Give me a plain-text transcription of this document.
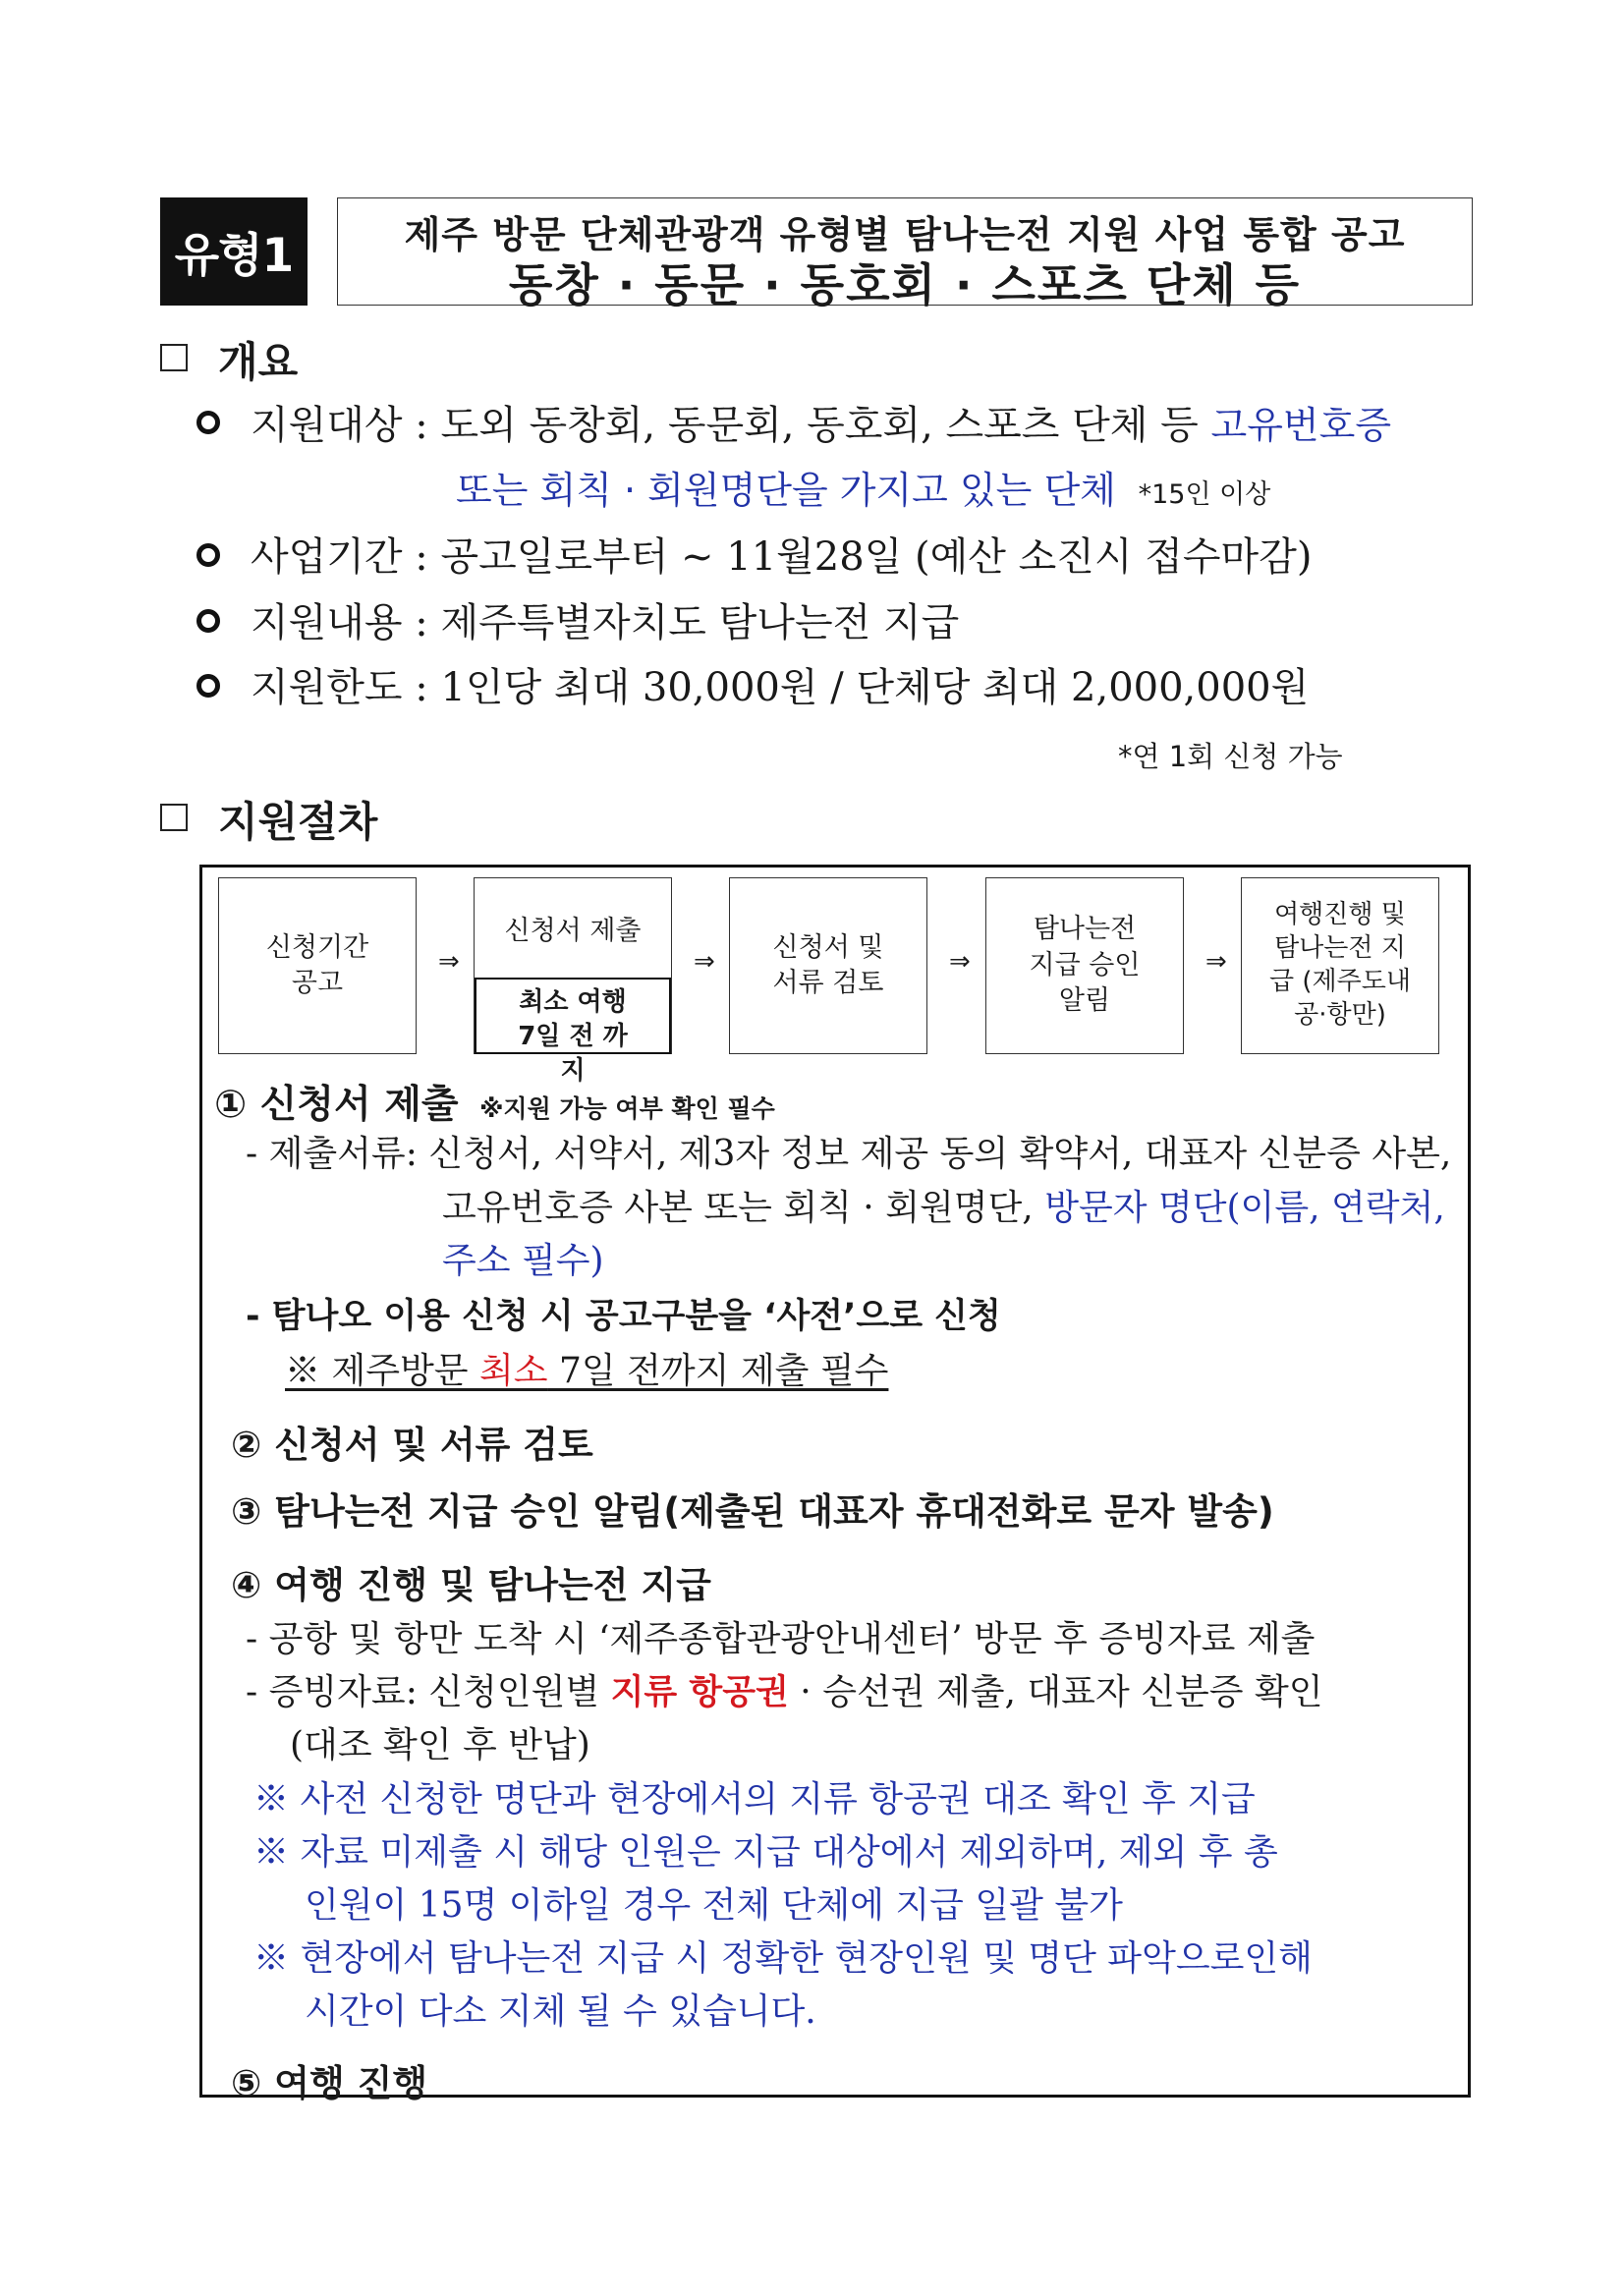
유형1	제주 방문 단체관광객 유형별 탐나는전 지원 사업 통합 공고
동창 · 동문 · 동호회 · 스포츠 단체 등
개요
지원대상 : 도외 동창회, 동문회, 동호회, 스포츠 단체 등 고유번호증
또는 회칙 · 회원명단을 가지고 있는 단체 *15인 이상
사업기간 : 공고일로부터 ~ 11월28일 (예산 소진시 접수마감)
지원내용 : 제주특별자치도 탐나는전 지급
지원한도 : 1인당 최대 30,000원 / 단체당 최대 2,000,000원
*연 1회 신청 가능
지원절차
신청기간 공고
⇒
신청서 제출
최소 여행 7일 전 까지
⇒	신청서 및 서류 검토
⇒
탐나는전 지급 승인 알림
⇒
여행진행 및 탐나는전 지급 (제주도내 공·항만)
① 신청서 제출 ※지원 가능 여부 확인 필수
- 제출서류: 신청서, 서약서, 제3자 정보 제공 동의 확약서, 대표자 신분증 사본,
고유번호증 사본 또는 회칙 · 회원명단, 방문자 명단(이름, 연락처,
주소 필수)
- 탐나오 이용 신청 시 공고구분을 ‘사전’으로 신청
※ 제주방문 최소 7일 전까지 제출 필수
② 신청서 및 서류 검토
③ 탐나는전 지급 승인 알림(제출된 대표자 휴대전화로 문자 발송)
④ 여행 진행 및 탐나는전 지급
- 공항 및 항만 도착 시 ‘제주종합관광안내센터’ 방문 후 증빙자료 제출
- 증빙자료: 신청인원별 지류 항공권 · 승선권 제출, 대표자 신분증 확인
(대조 확인 후 반납)
※ 사전 신청한 명단과 현장에서의 지류 항공권 대조 확인 후 지급
※ 자료 미제출 시 해당 인원은 지급 대상에서 제외하며, 제외 후 총
인원이 15명 이하일 경우 전체 단체에 지급 일괄 불가
※ 현장에서 탐나는전 지급 시 정확한 현장인원 및 명단 파악으로인해
시간이 다소 지체 될 수 있습니다.
⑤ 여행 진행
